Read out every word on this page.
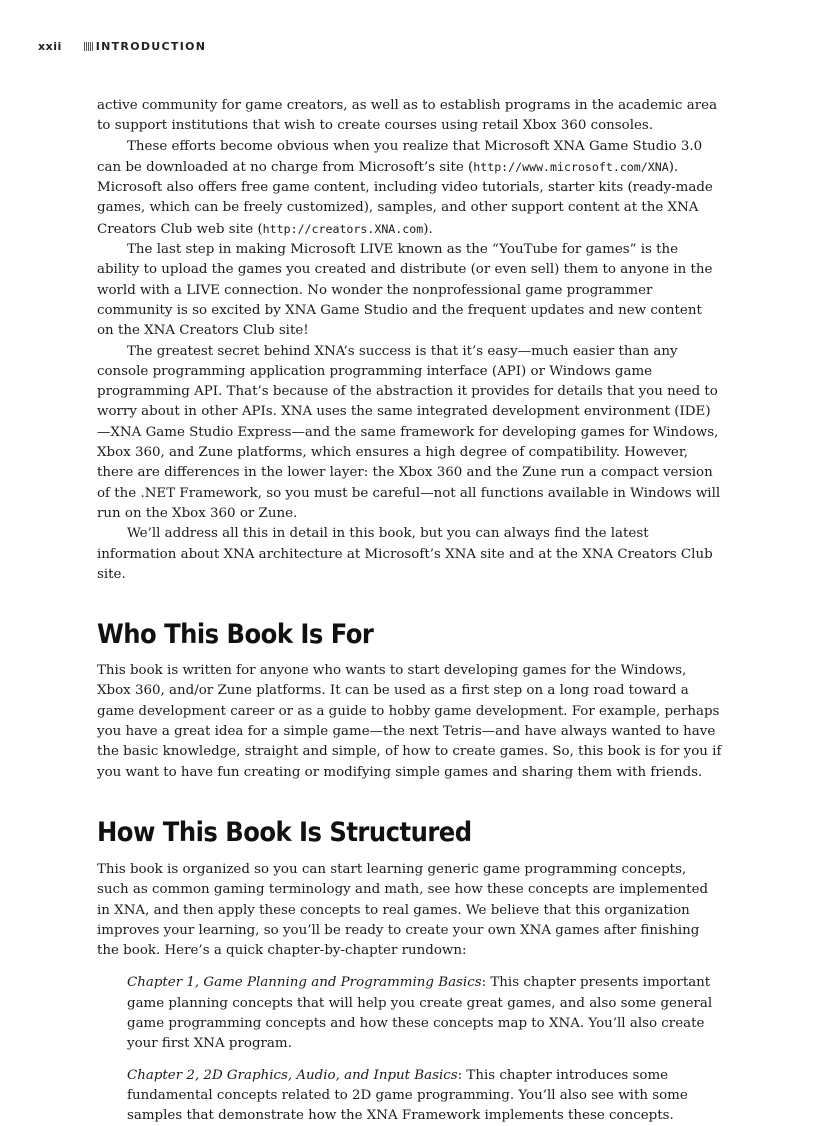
xxii	INTRODUCTION

active community for game creators, as well as to establish programs in the academic area to support institutions that wish to create courses using retail Xbox 360 consoles.

These efforts become obvious when you realize that Microsoft XNA Game Studio 3.0 can be downloaded at no charge from Microsoft’s site (http://www.microsoft.com/XNA). Microsoft also offers free game content, including video tutorials, starter kits (ready-made games, which can be freely customized), samples, and other support content at the XNA Creators Club web site (http://creators.XNA.com).

The last step in making Microsoft LIVE known as the “YouTube for games” is the ability to upload the games you created and distribute (or even sell) them to anyone in the world with a LIVE connection. No wonder the nonprofessional game programmer community is so excited by XNA Game Studio and the frequent updates and new content on the XNA Creators Club site!

The greatest secret behind XNA’s success is that it’s easy—much easier than any console programming application programming interface (API) or Windows game programming API. That’s because of the abstraction it provides for details that you need to worry about in other APIs. XNA uses the same integrated development environment (IDE)—XNA Game Studio Express—and the same framework for developing games for Windows, Xbox 360, and Zune platforms, which ensures a high degree of compatibility. However, there are differences in the lower layer: the Xbox 360 and the Zune run a compact version of the .NET Framework, so you must be careful—not all functions available in Windows will run on the Xbox 360 or Zune.

We’ll address all this in detail in this book, but you can always find the latest information about XNA architecture at Microsoft’s XNA site and at the XNA Creators Club site.

Who This Book Is For

This book is written for anyone who wants to start developing games for the Windows, Xbox 360, and/or Zune platforms. It can be used as a first step on a long road toward a game development career or as a guide to hobby game development. For example, perhaps you have a great idea for a simple game—the next Tetris—and have always wanted to have the basic knowledge, straight and simple, of how to create games. So, this book is for you if you want to have fun creating or modifying simple games and sharing them with friends.

How This Book Is Structured

This book is organized so you can start learning generic game programming concepts, such as common gaming terminology and math, see how these concepts are implemented in XNA, and then apply these concepts to real games. We believe that this organization improves your learning, so you’ll be ready to create your own XNA games after finishing the book. Here’s a quick chapter-by-chapter rundown:

Chapter 1, Game Planning and Programming Basics: This chapter presents important game planning concepts that will help you create great games, and also some general game programming concepts and how these concepts map to XNA. You’ll also create your first XNA program.
Chapter 2, 2D Graphics, Audio, and Input Basics: This chapter introduces some fundamental concepts related to 2D game programming. You’ll also see with some samples that demonstrate how the XNA Framework implements these concepts.
